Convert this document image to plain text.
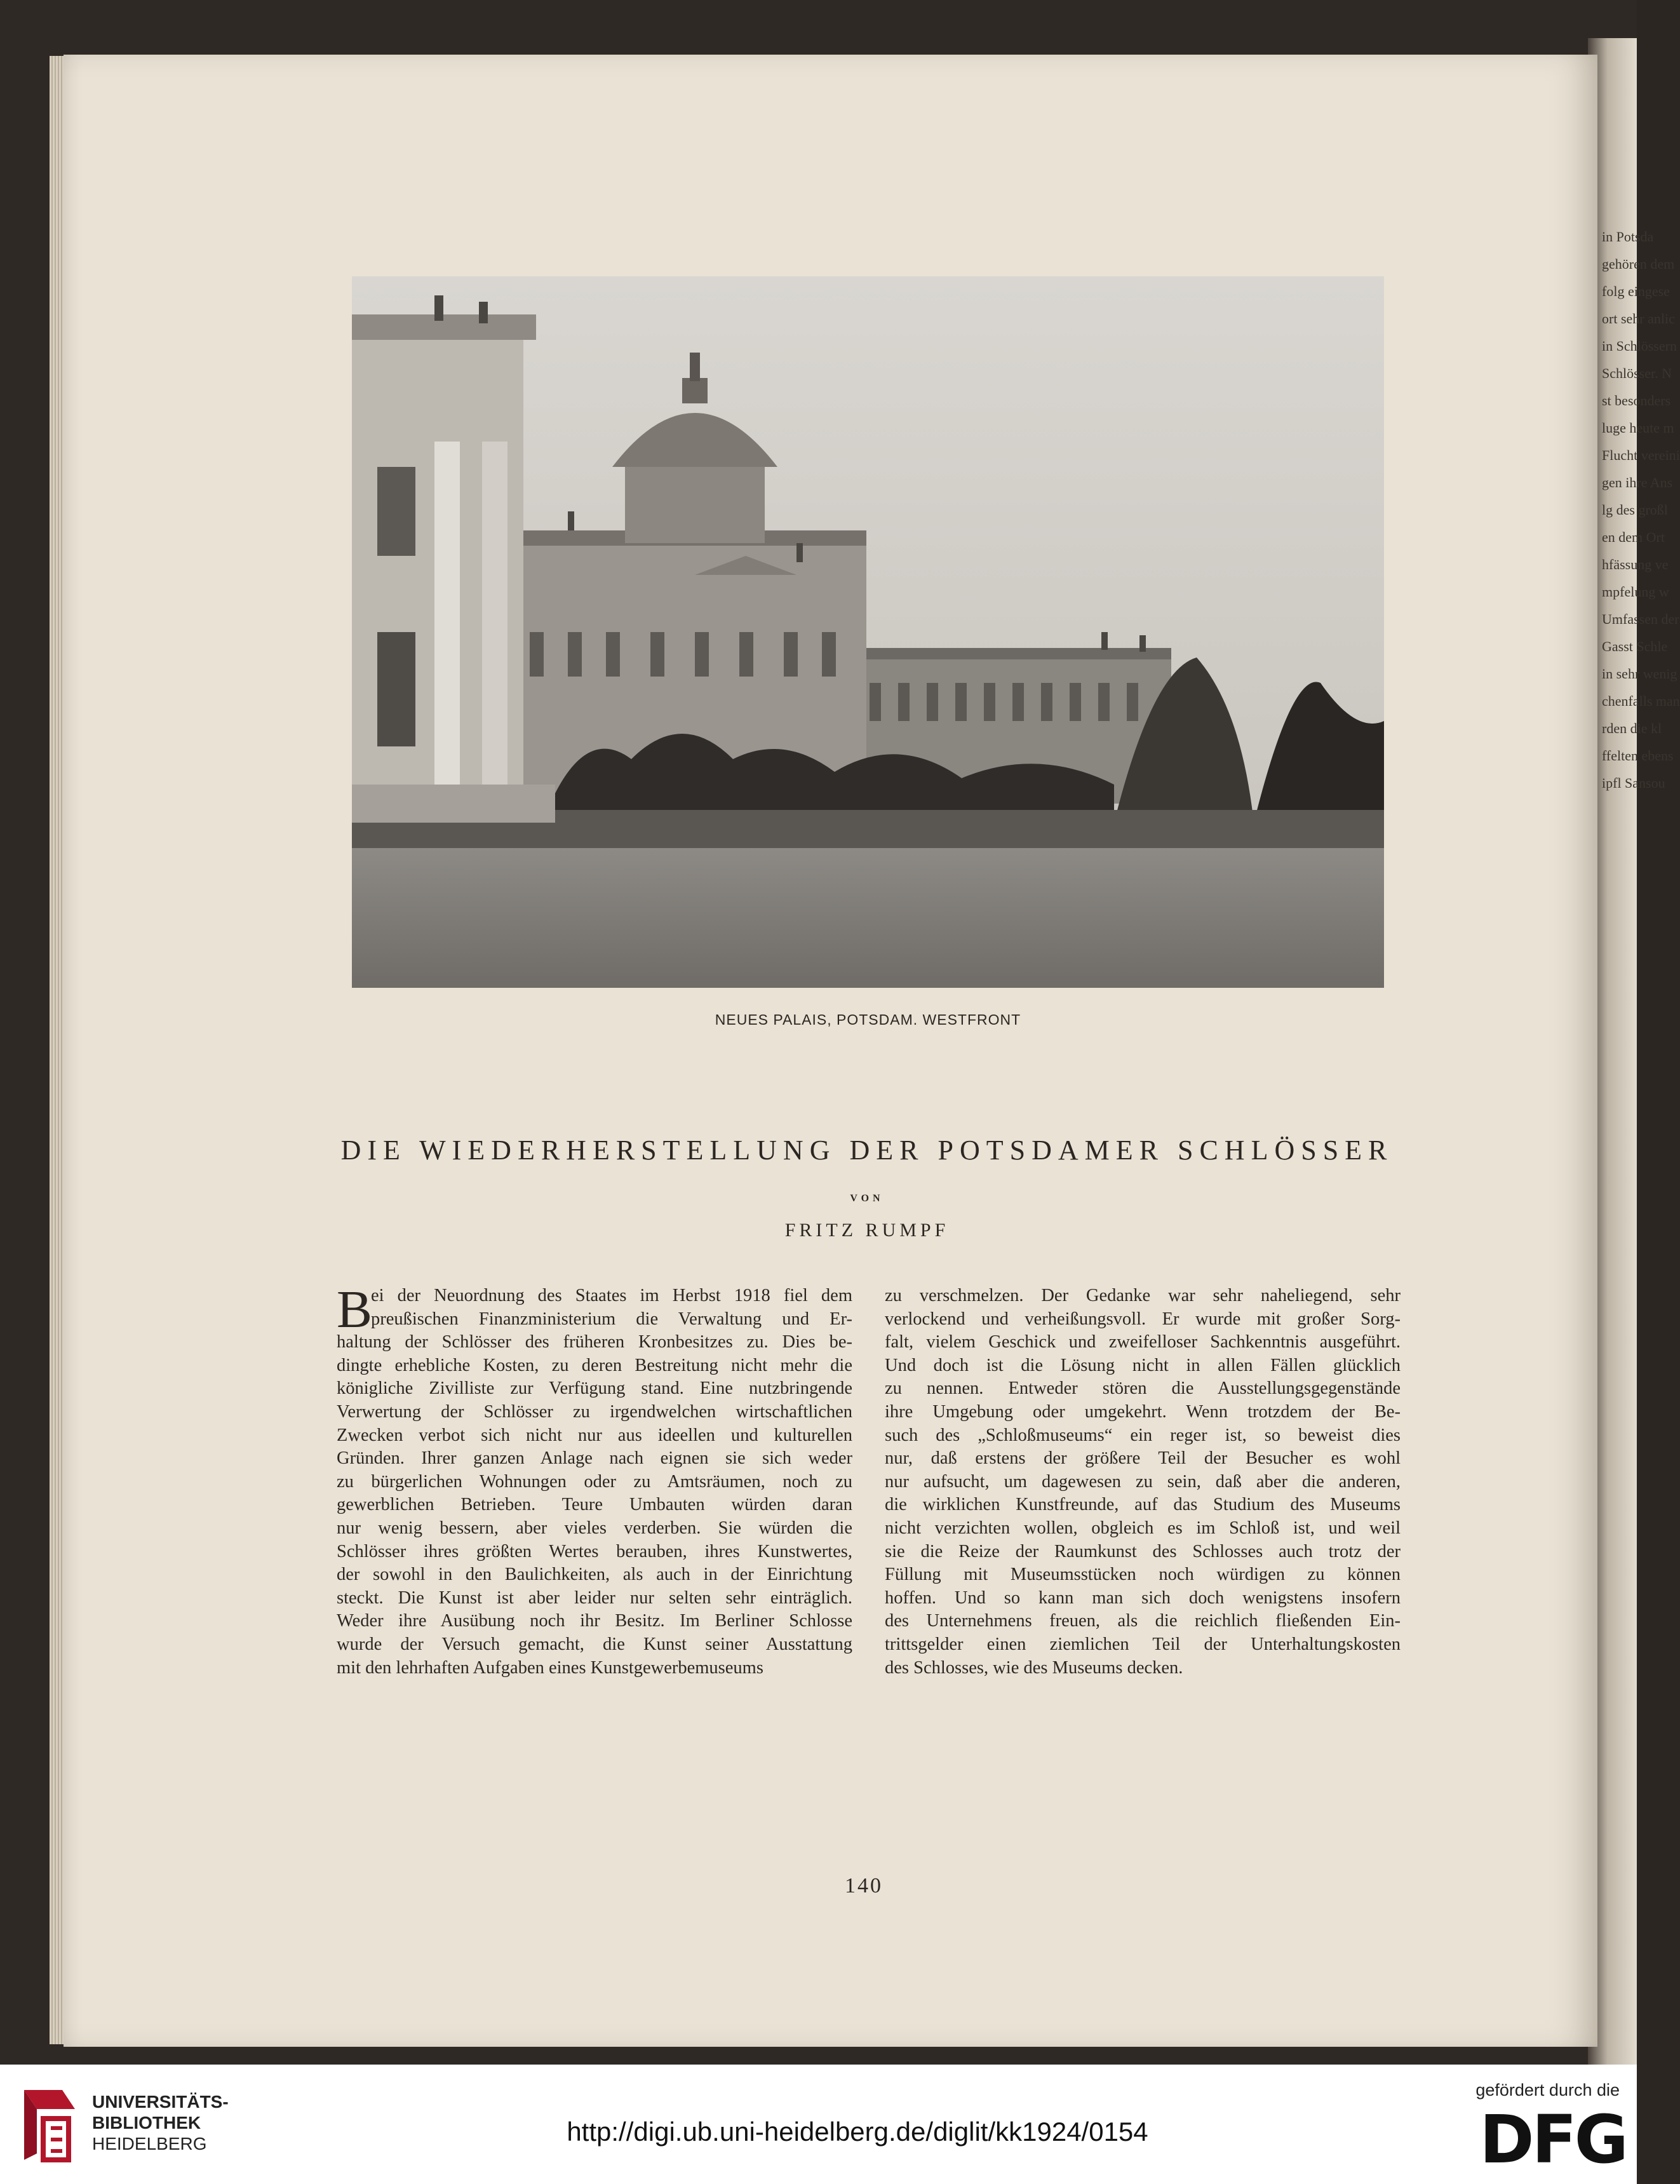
in Potsda
gehören dem
folg eingese
ort sehr anlic
in Schlössern
Schlösser. N
st besonders
luge heute m
Flucht vereini
gen ihre Ans
lg des großl
en dem Ort
hfässung ve
mpfelung w
Umfassen der
Gasst Schle
in sehr wenig
chenfalls man
rden die kl
ffelten ebens
ipfl Sansou
NEUES PALAIS, POTSDAM. WESTFRONT
DIE WIEDERHERSTELLUNG DER POTSDAMER SCHLÖSSER
VON
FRITZ RUMPF
B
ei der Neuordnung des Staates im Herbst 1918 fiel dem
preußischen Finanzministerium die Verwaltung und Er-
haltung der Schlösser des früheren Kronbesitzes zu. Dies be-
dingte erhebliche Kosten, zu deren Bestreitung nicht mehr die
königliche Zivilliste zur Verfügung stand. Eine nutzbringende
Verwertung der Schlösser zu irgendwelchen wirtschaftlichen
Zwecken verbot sich nicht nur aus ideellen und kulturellen
Gründen. Ihrer ganzen Anlage nach eignen sie sich weder
zu bürgerlichen Wohnungen oder zu Amtsräumen, noch zu
gewerblichen Betrieben. Teure Umbauten würden daran
nur wenig bessern, aber vieles verderben. Sie würden die
Schlösser ihres größten Wertes berauben, ihres Kunstwertes,
der sowohl in den Baulichkeiten, als auch in der Einrichtung
steckt. Die Kunst ist aber leider nur selten sehr einträglich.
Weder ihre Ausübung noch ihr Besitz. Im Berliner Schlosse
wurde der Versuch gemacht, die Kunst seiner Ausstattung
mit den lehrhaften Aufgaben eines Kunstgewerbemuseums
zu verschmelzen. Der Gedanke war sehr naheliegend, sehr
verlockend und verheißungsvoll. Er wurde mit großer Sorg-
falt, vielem Geschick und zweifelloser Sachkenntnis ausgeführt.
Und doch ist die Lösung nicht in allen Fällen glücklich
zu nennen. Entweder stören die Ausstellungsgegenstände
ihre Umgebung oder umgekehrt. Wenn trotzdem der Be-
such des „Schloßmuseums“ ein reger ist, so beweist dies
nur, daß erstens der größere Teil der Besucher es wohl
nur aufsucht, um dagewesen zu sein, daß aber die anderen,
die wirklichen Kunstfreunde, auf das Studium des Museums
nicht verzichten wollen, obgleich es im Schloß ist, und weil
sie die Reize der Raumkunst des Schlosses auch trotz der
Füllung mit Museumsstücken noch würdigen zu können
hoffen. Und so kann man sich doch wenigstens insofern
des Unternehmens freuen, als die reichlich fließenden Ein-
trittsgelder einen ziemlichen Teil der Unterhaltungskosten
des Schlosses, wie des Museums decken.
140
UNIVERSITÄTS-
BIBLIOTHEK
HEIDELBERG	http://digi.ub.uni-heidelberg.de/diglit/kk1924/0154
gefördert durch die
DFG
